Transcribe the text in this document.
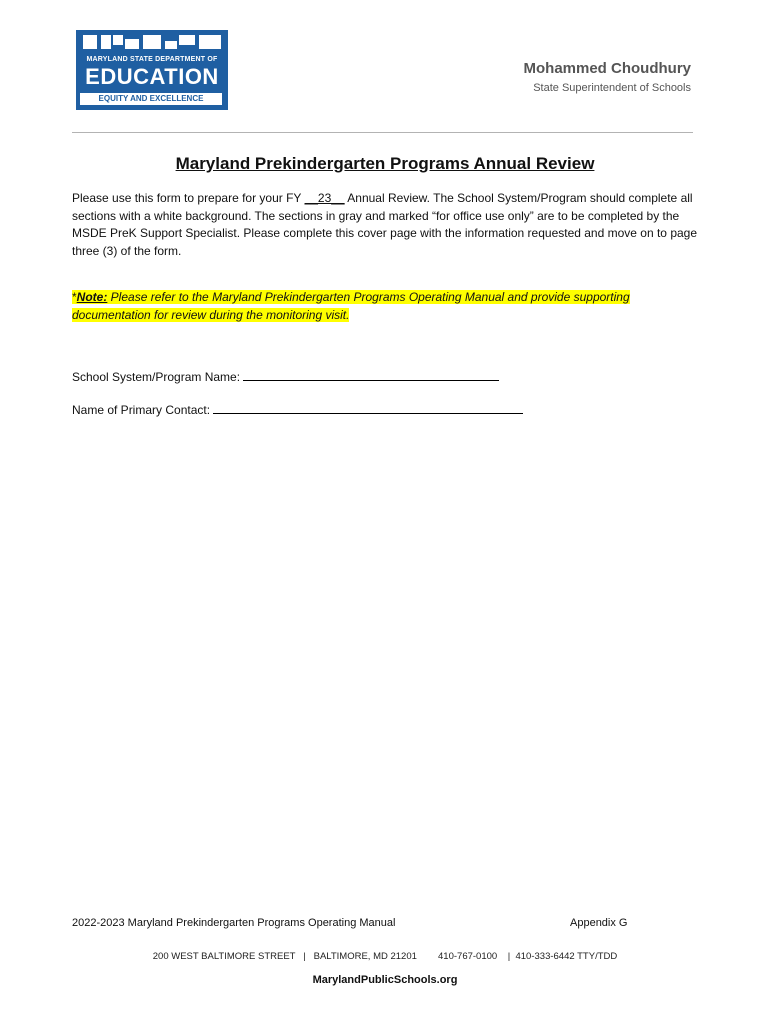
MARYLAND STATE DEPARTMENT OF
EDUCATION
EQUITY AND EXCELLENCE
Mohammed Choudhury
State Superintendent of Schools
Maryland Prekindergarten Programs Annual Review
Please use this form to prepare for your FY __23__ Annual Review. The School System/Program should complete all sections with a white background. The sections in gray and marked “for office use only” are to be completed by the MSDE PreK Support Specialist. Please complete this cover page with the information requested and move on to page three (3) of the form.
*Note: Please refer to the Maryland Prekindergarten Programs Operating Manual and provide supporting documentation for review during the monitoring visit.
School System/Program Name:
Name of Primary Contact:
2022-2023 Maryland Prekindergarten Programs Operating Manual	Appendix G
200 WEST BALTIMORE STREET   |   BALTIMORE, MD 21201        410-767-0100    |  410-333-6442 TTY/TDD
MarylandPublicSchools.org
